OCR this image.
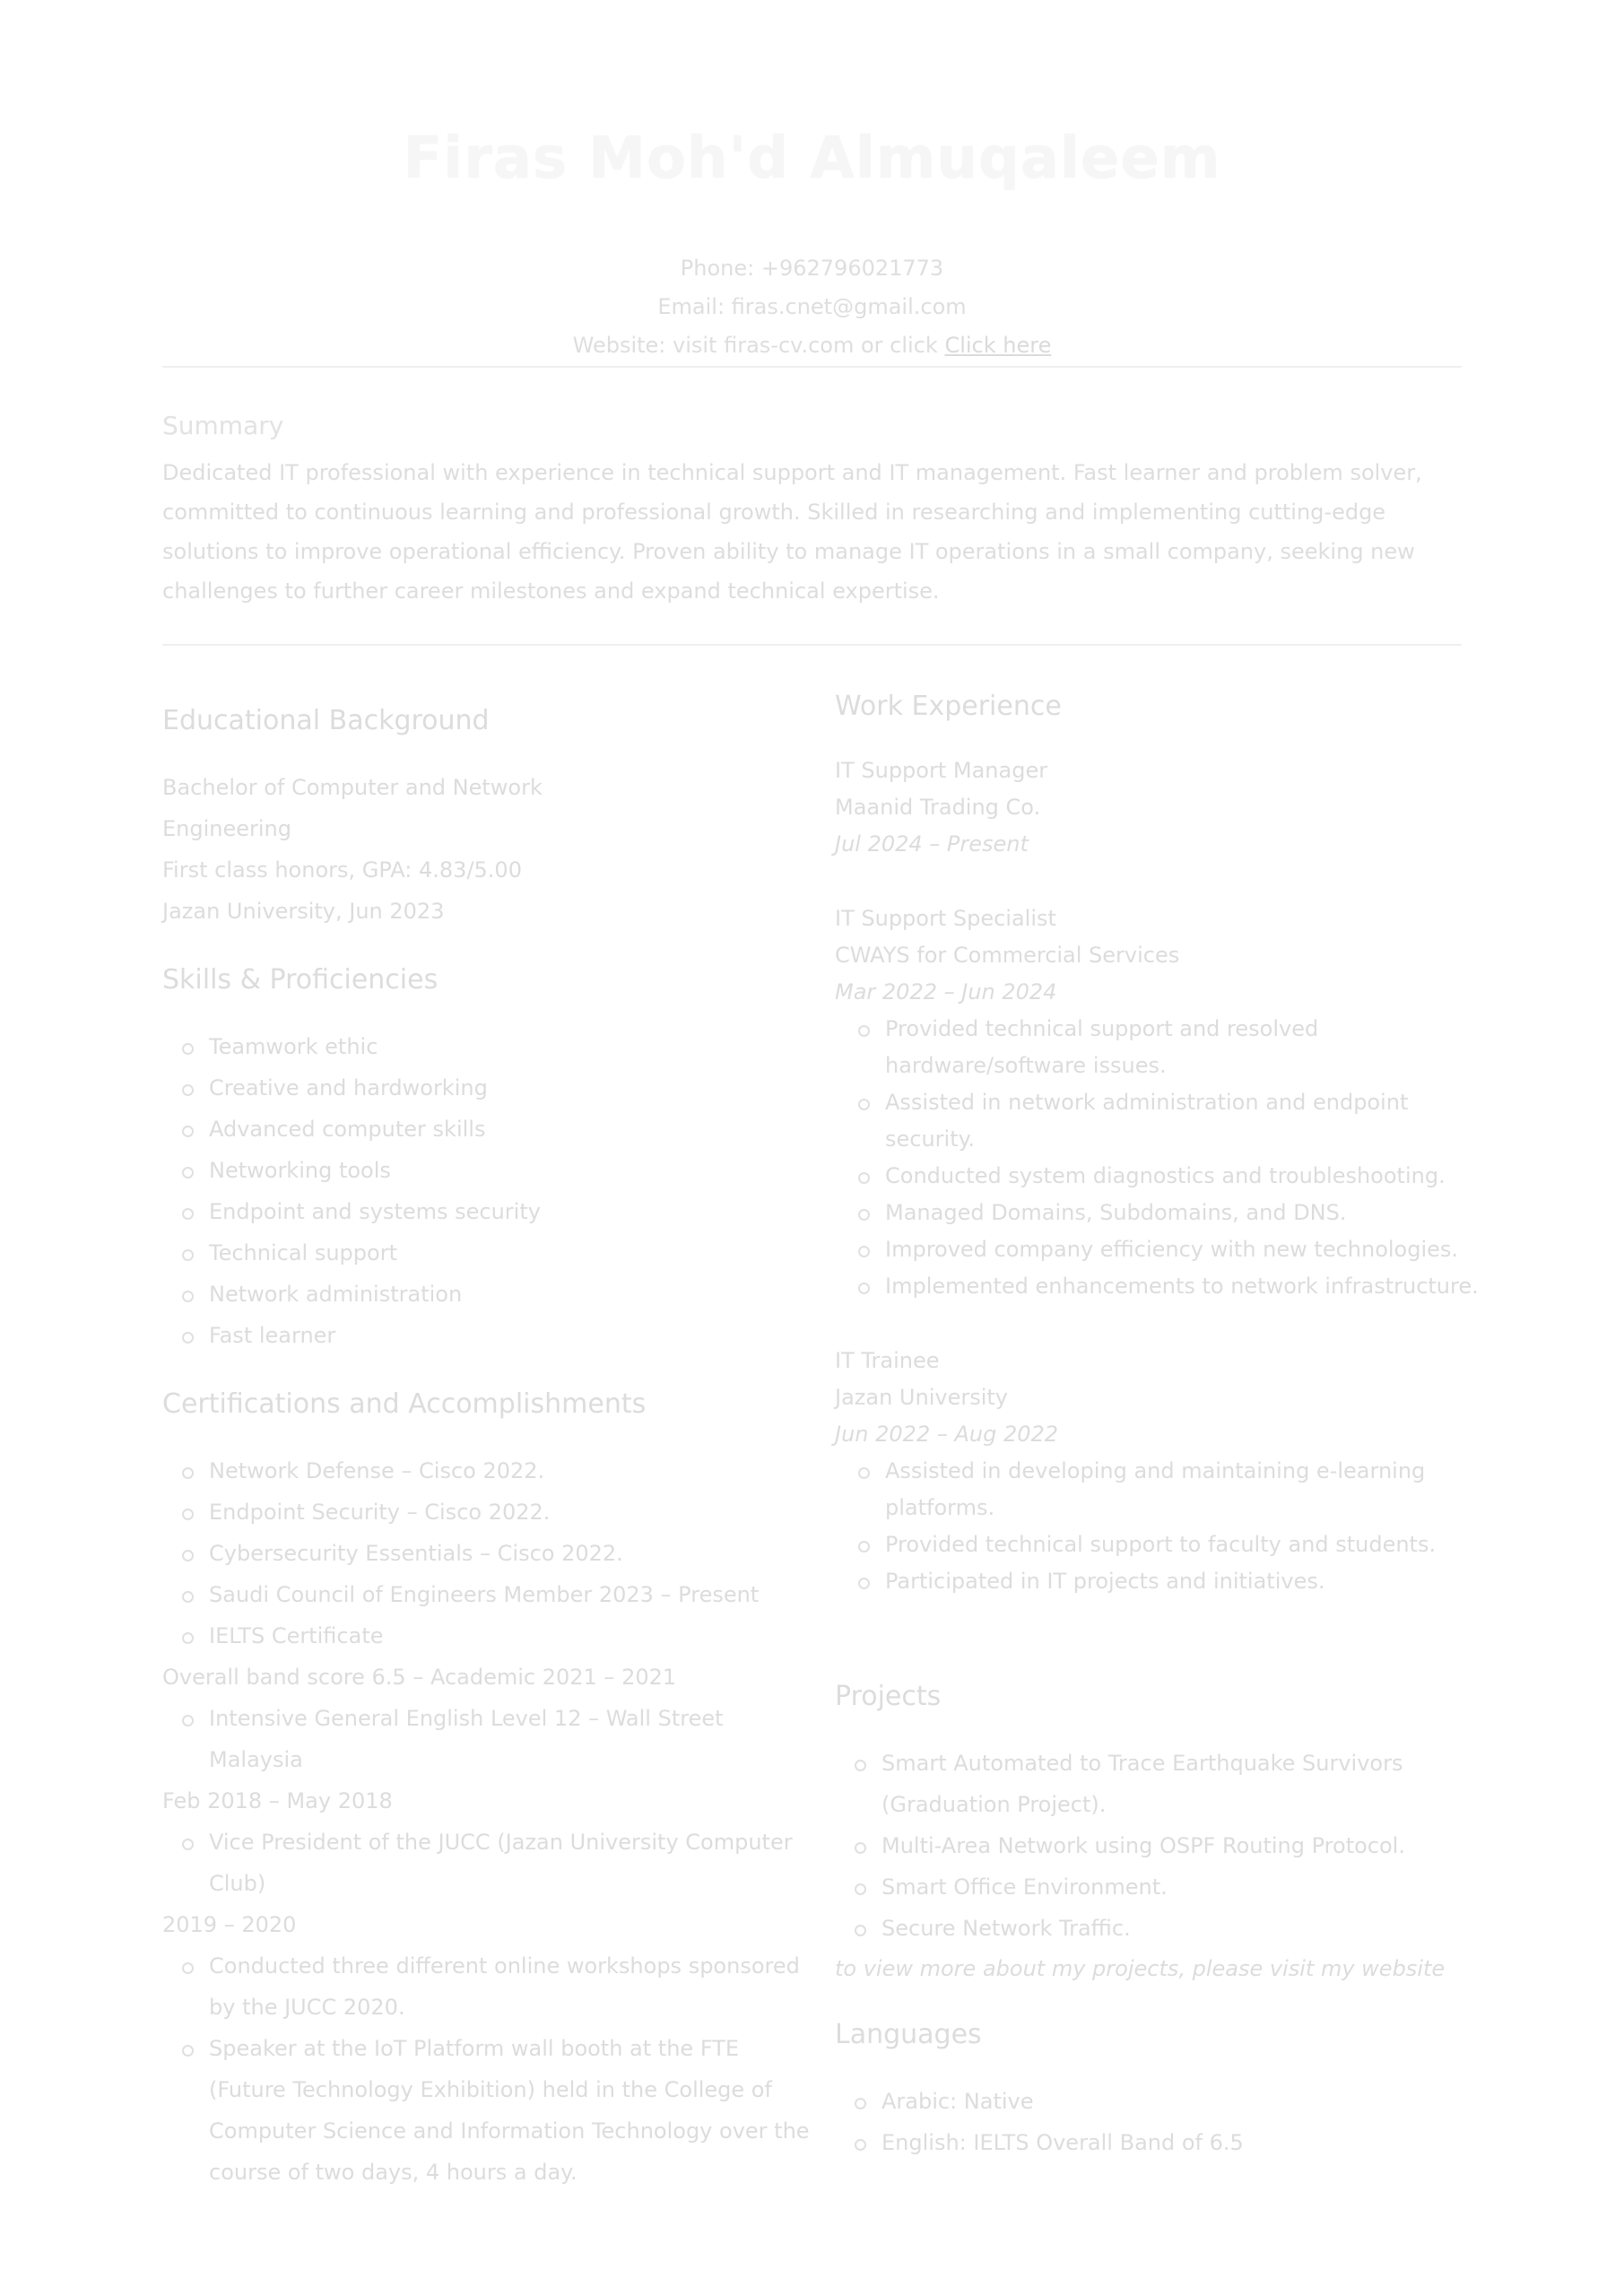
Firas Moh'd Almuqaleem
Phone: +962796021773
Email: firas.cnet@gmail.com
Website: visit firas-cv.com or click Click here
Summary
Dedicated IT professional with experience in technical support and IT management. Fast learner and problem solver, committed to continuous learning and professional growth. Skilled in researching and implementing cutting-edge solutions to improve operational efficiency. Proven ability to manage IT operations in a small company, seeking new challenges to further career milestones and expand technical expertise.
Educational Background
Bachelor of Computer and Network
Engineering
First class honors, GPA: 4.83/5.00
Jazan University, Jun 2023
Skills & Proficiencies
Teamwork ethic
Creative and hardworking
Advanced computer skills
Networking tools
Endpoint and systems security
Technical support
Network administration
Fast learner
Certifications and Accomplishments
Network Defense – Cisco 2022.
Endpoint Security – Cisco 2022.
Cybersecurity Essentials – Cisco 2022.
Saudi Council of Engineers Member 2023 – Present
IELTS Certificate

Overall band score 6.5 – Academic 2021 – 2021

Intensive General English Level 12 – Wall Street Malaysia

Feb 2018 – May 2018

Vice President of the JUCC (Jazan University Computer Club)

2019 – 2020

Conducted three different online workshops sponsored by the JUCC 2020.
Speaker at the IoT Platform wall booth at the FTE (Future Technology Exhibition) held in the College of Computer Science and Information Technology over the course of two days, 4 hours a day.
Work Experience
IT Support Manager
Maanid Trading Co.
Jul 2024 – Present
IT Support Specialist
CWAYS for Commercial Services
Mar 2022 – Jun 2024
Provided technical support and resolved hardware/software issues.
Assisted in network administration and endpoint security.
Conducted system diagnostics and troubleshooting.
Managed Domains, Subdomains, and DNS.
Improved company efficiency with new technologies.
Implemented enhancements to network infrastructure.
IT Trainee
Jazan University
Jun 2022 – Aug 2022
Assisted in developing and maintaining e-learning platforms.
Provided technical support to faculty and students.
Participated in IT projects and initiatives.
Projects
Smart Automated to Trace Earthquake Survivors (Graduation Project).
Multi-Area Network using OSPF Routing Protocol.
Smart Office Environment.
Secure Network Traffic.

to view more about my projects, please visit my website

Languages
Arabic: Native
English: IELTS Overall Band of 6.5
